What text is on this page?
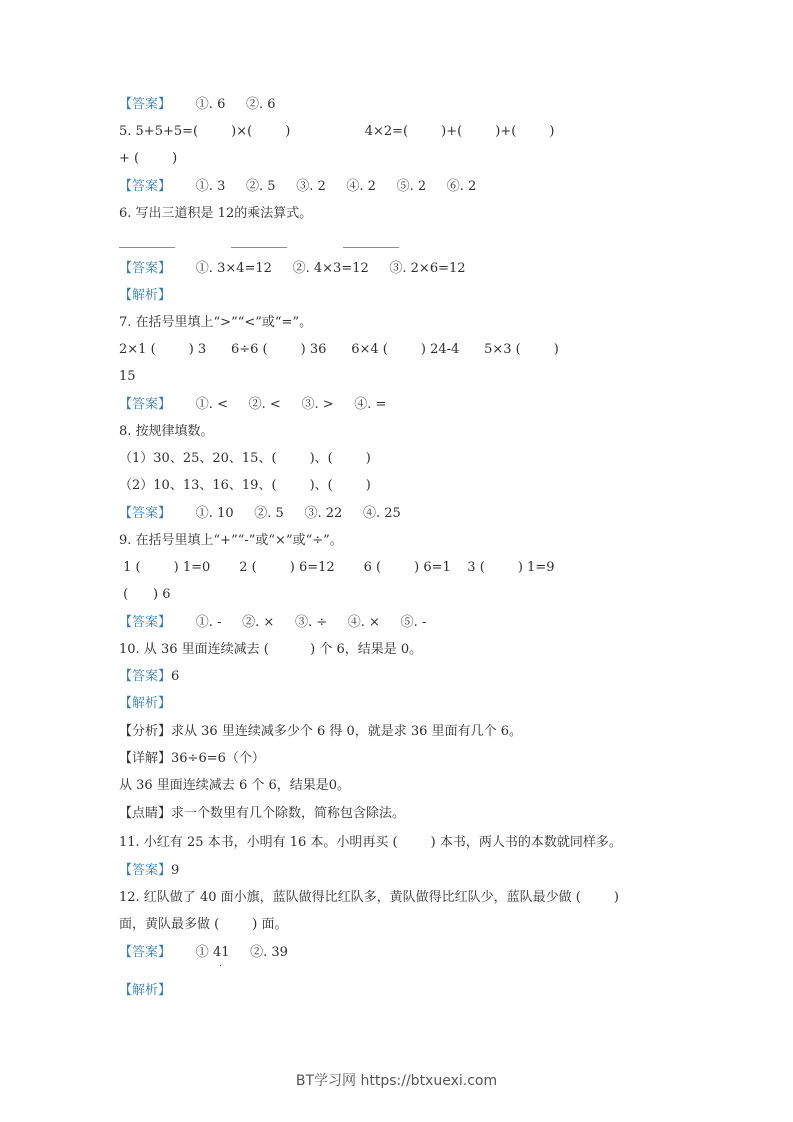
【答案】      ①. 6     ②. 6
5. 5+5+5=(        )×(        )                  4×2=(        )+(        )+(        )
+ (        )
【答案】      ①. 3     ②. 5     ③. 2     ④. 2     ⑤. 2     ⑥. 2
6. 写出三道积是 12的乘法算式。
【答案】      ①. 3×4=12     ②. 4×3=12     ③. 2×6=12
【解析】
7. 在括号里填上“>”“<”或“=”。
2×1 (        ) 3      6÷6 (        ) 36      6×4 (        ) 24-4      5×3 (        )
15
【答案】      ①. <     ②. <     ③. >     ④. =
8. 按规律填数。
（1）30、25、20、15、(        )、(        )
（2）10、13、16、19、(        )、(        )
【答案】      ①. 10     ②. 5     ③. 22     ④. 25
9. 在括号里填上“+”“-”或“×”或“÷”。
1 (        ) 1=0       2 (        ) 6=12       6 (        ) 6=1    3 (        ) 1=9
(      ) 6
【答案】      ①. -     ②. ×     ③. ÷     ④. ×     ⑤. -
10. 从 36 里面连续减去 (          ) 个 6，结果是 0。
【答案】6
【解析】
【分析】求从 36 里连续减多少个 6 得 0，就是求 36 里面有几个 6。
【详解】36÷6=6（个）
从 36 里面连续减去 6 个 6，结果是0。
【点睛】求一个数里有几个除数，简称包含除法。
11. 小红有 25 本书，小明有 16 本。小明再买 (        ) 本书，两人书的本数就同样多。
【答案】9
12. 红队做了 40 面小旗，蓝队做得比红队多，黄队做得比红队少，蓝队最少做 (        )
面，黄队最多做 (        ) 面。
【答案】      ① 41     ②. 39
【解析】
BT学习网 https://btxuexi.com
